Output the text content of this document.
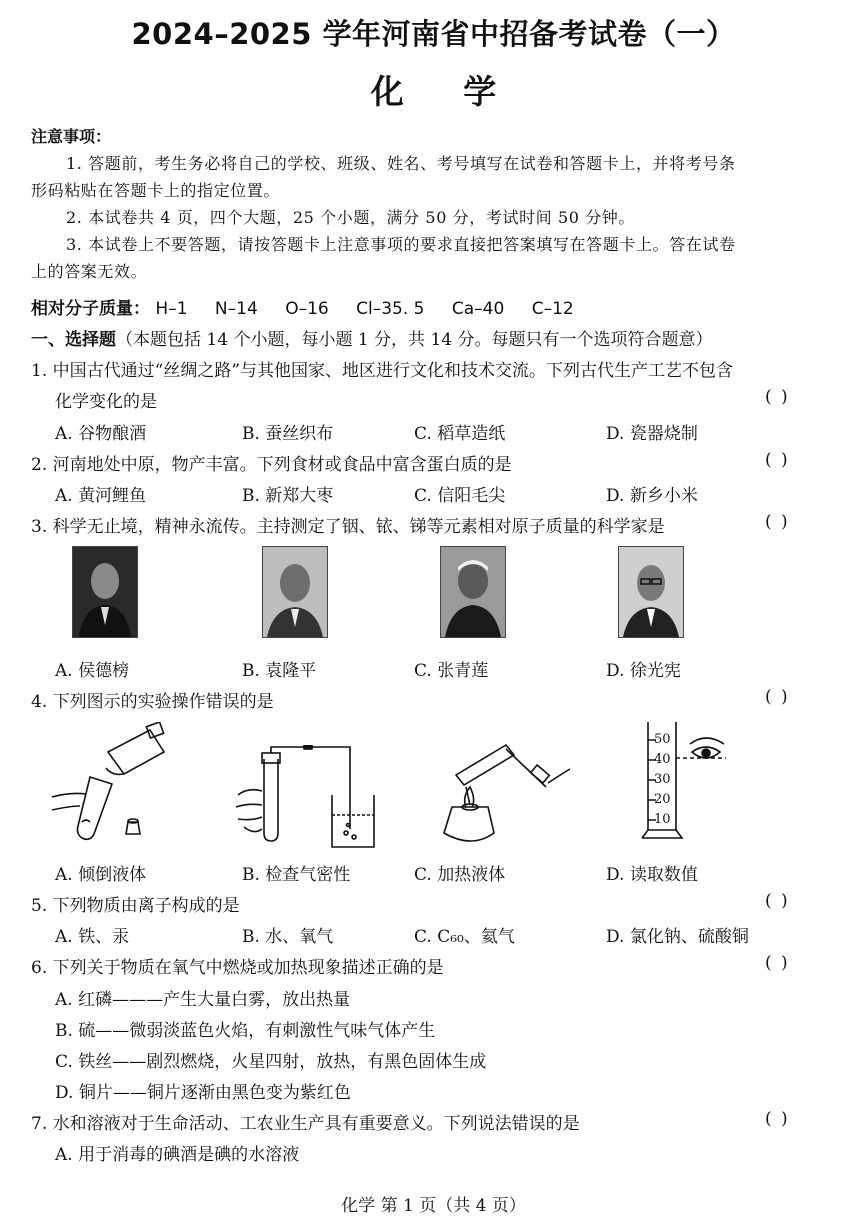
2024–2025 学年河南省中招备考试卷（一）
化 学
注意事项：
1. 答题前，考生务必将自己的学校、班级、姓名、考号填写在试卷和答题卡上，并将考号条
形码粘贴在答题卡上的指定位置。
2. 本试卷共 4 页，四个大题，25 个小题，满分 50 分，考试时间 50 分钟。
3. 本试卷上不要答题，请按答题卡上注意事项的要求直接把答案填写在答题卡上。答在试卷
上的答案无效。
相对分子质量： H–1 N–14 O–16 Cl–35. 5 Ca–40 C–12
一、选择题（本题包括 14 个小题，每小题 1 分，共 14 分。每题只有一个选项符合题意）
1. 中国古代通过“丝绸之路”与其他国家、地区进行文化和技术交流。下列古代生产工艺不包含
化学变化的是	( )
A. 谷物酿酒	B. 蚕丝织布	C. 稻草造纸	D. 瓷器烧制
2. 河南地处中原，物产丰富。下列食材或食品中富含蛋白质的是	( )
A. 黄河鲤鱼	B. 新郑大枣	C. 信阳毛尖	D. 新乡小米
3. 科学无止境，精神永流传。主持测定了铟、铱、锑等元素相对原子质量的科学家是	( )
A. 侯德榜	B. 袁隆平	C. 张青莲	D. 徐光宪
4. 下列图示的实验操作错误的是	( )
50
40
30
20
10
A. 倾倒液体	B. 检查气密性	C. 加热液体	D. 读取数值
5. 下列物质由离子构成的是	( )
A. 铁、汞	B. 水、氧气	C. C₆₀、氦气	D. 氯化钠、硫酸铜
6. 下列关于物质在氧气中燃烧或加热现象描述正确的是	( )
A. 红磷———产生大量白雾，放出热量
B. 硫——微弱淡蓝色火焰，有刺激性气味气体产生
C. 铁丝——剧烈燃烧，火星四射，放热，有黑色固体生成
D. 铜片——铜片逐渐由黑色变为紫红色
7. 水和溶液对于生命活动、工农业生产具有重要意义。下列说法错误的是	( )
A. 用于消毒的碘酒是碘的水溶液
化学 第 1 页（共 4 页）
